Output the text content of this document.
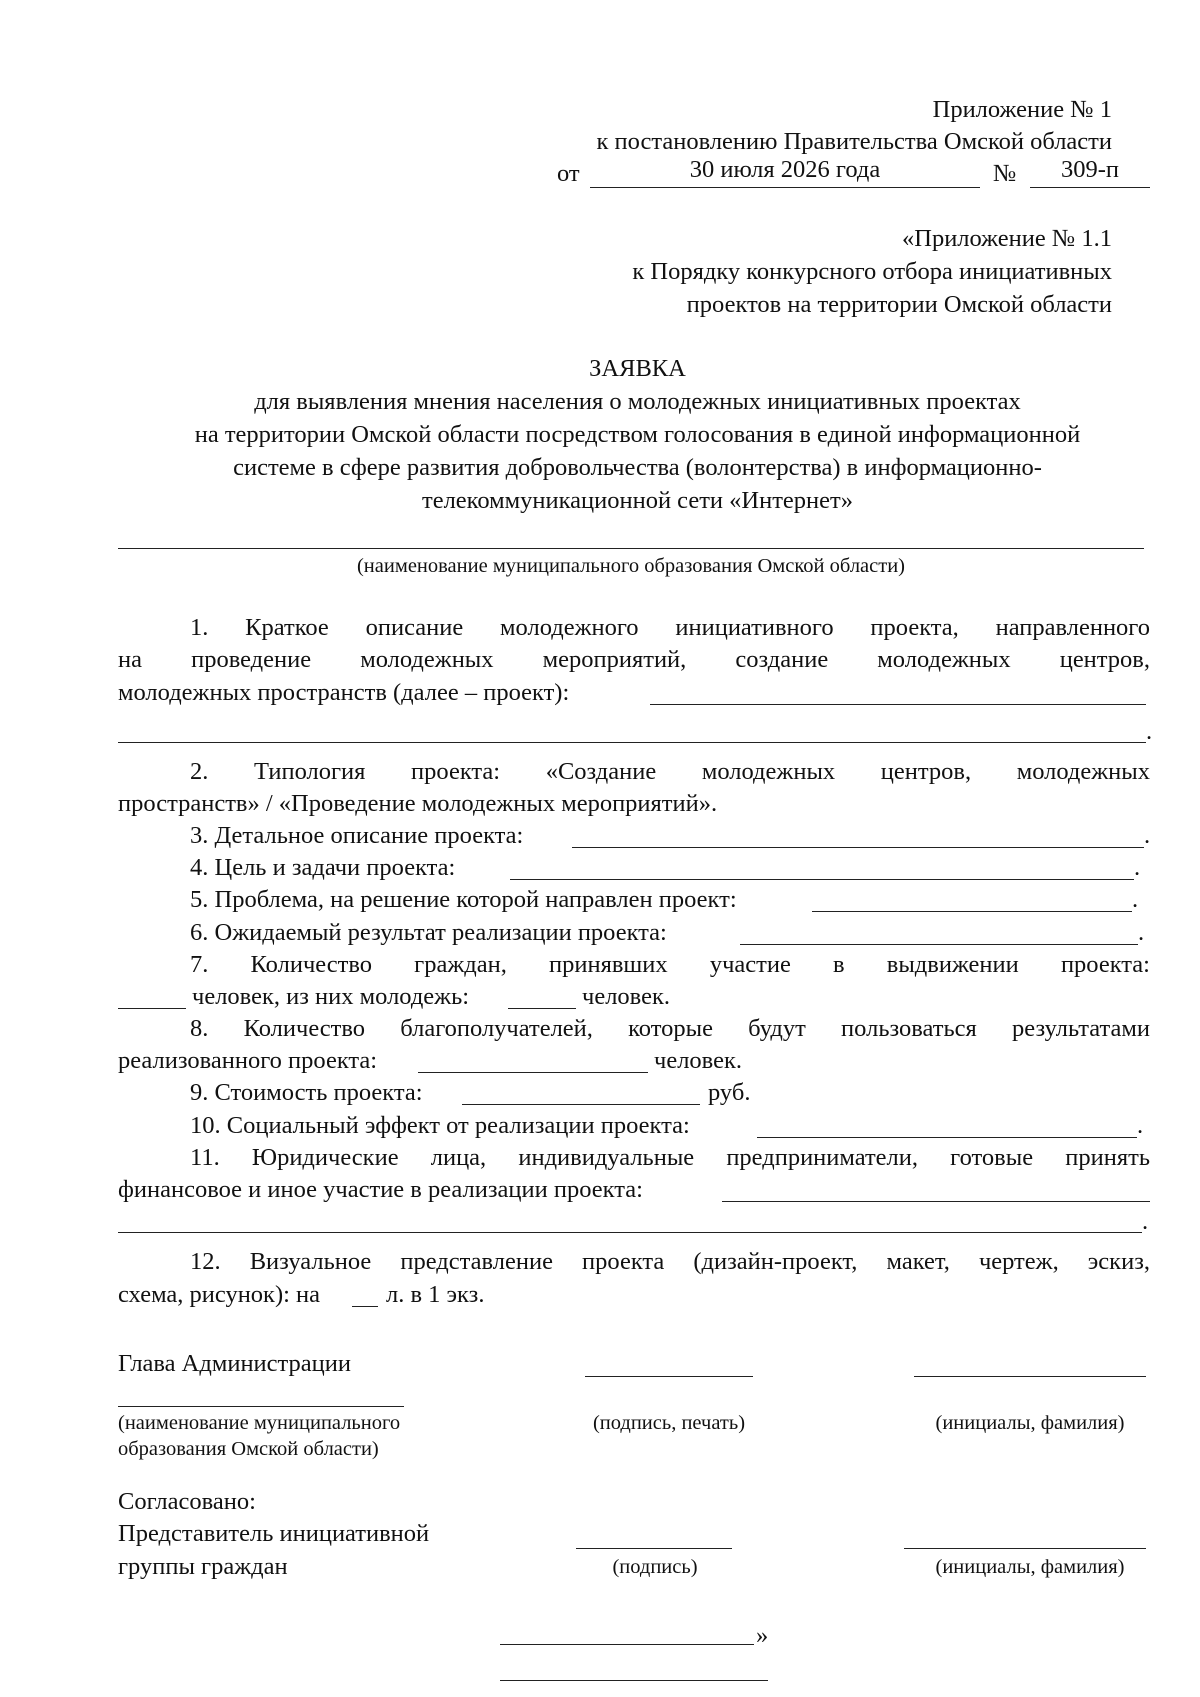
Приложение № 1
к постановлению Правительства Омской области
от	30 июля 2026 года	№	309-п
«Приложение № 1.1
к Порядку конкурсного отбора инициативных
проектов на территории Омской области
ЗАЯВКА
для выявления мнения населения о молодежных инициативных проектах
на территории Омской области посредством голосования в единой информационной
системе в сфере развития добровольчества (волонтерства) в информационно-
телекоммуникационной сети «Интернет»
(наименование муниципального образования Омской области)
1. Краткое описание молодежного инициативного проекта, направленного
на проведение молодежных мероприятий, создание молодежных центров,
молодежных пространств (далее – проект):
.
2. Типология проекта: «Создание молодежных центров, молодежных
пространств» / «Проведение молодежных мероприятий».
3. Детальное описание проекта:	.
4. Цель и задачи проекта:	.
5. Проблема, на решение которой направлен проект:	.
6. Ожидаемый результат реализации проекта:	.
7. Количество граждан, принявших участие в выдвижении проекта:
человек, из них молодежь:	человек.
8. Количество благополучателей, которые будут пользоваться результатами
реализованного проекта:	человек.
9. Стоимость проекта:	руб.
10. Социальный эффект от реализации проекта:	.
11. Юридические лица, индивидуальные предприниматели, готовые принять
финансовое и иное участие в реализации проекта:
.
12. Визуальное представление проекта (дизайн-проект, макет, чертеж, эскиз,
схема, рисунок): на	л. в 1 экз.
Глава Администрации
(наименование муниципального
образования Омской области)
(подпись, печать)	(инициалы, фамилия)
Согласовано:
Представитель инициативной
группы граждан	(подпись)	(инициалы, фамилия)
»
